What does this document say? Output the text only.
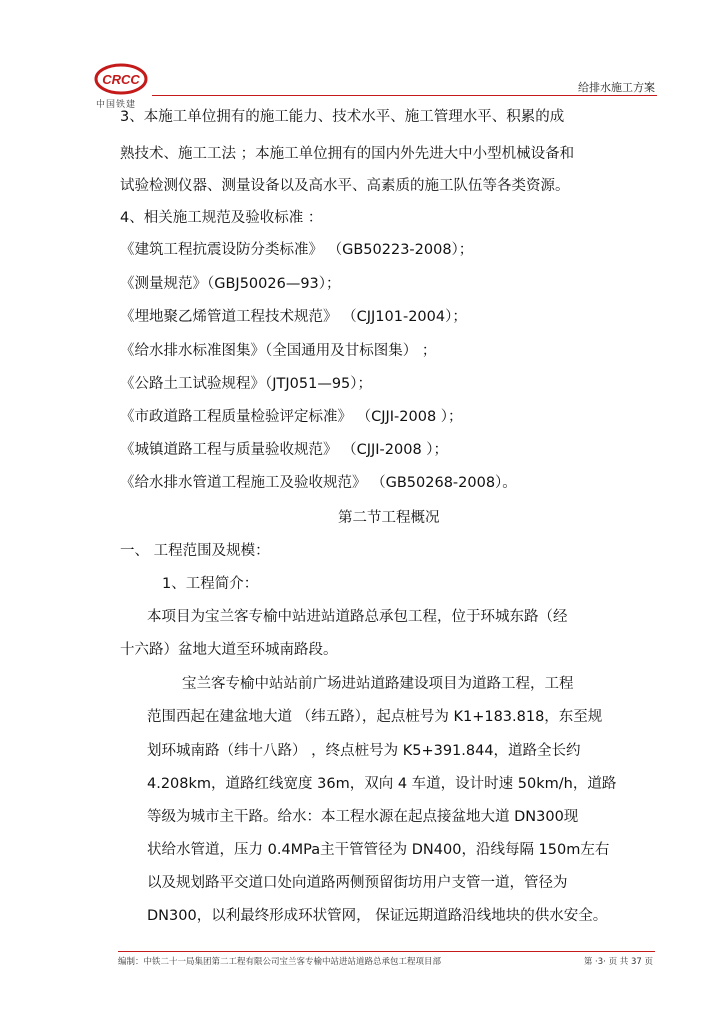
CRCC
中国铁建
给排水施工方案
3、本施工单位拥有的施工能力、技术水平、施工管理水平、积累的成
熟技术、施工工法 ；本施工单位拥有的国内外先进大中小型机械设备和
试验检测仪器、测量设备以及高水平、高素质的施工队伍等各类资源。
4、相关施工规范及验收标准 ：
《建筑工程抗震设防分类标准》 （GB50223-2008）；
《测量规范》（GBJ50026—93）；
《埋地聚乙烯管道工程技术规范》 （CJJ101-2004）；
《给水排水标准图集》（全国通用及甘标图集） ；
《公路土工试验规程》（JTJ051—95）；
《市政道路工程质量检验评定标准》 （CJJI-2008 ）；
《城镇道路工程与质量验收规范》 （CJJI-2008 ）；
《给水排水管道工程施工及验收规范》 （GB50268-2008）。
第二节工程概况
一、 工程范围及规模：
1、工程简介：
本项目为宝兰客专榆中站进站道路总承包工程，位于环城东路（经
十六路）盆地大道至环城南路段。
宝兰客专榆中站站前广场进站道路建设项目为道路工程，工程
范围西起在建盆地大道 （纬五路），起点桩号为 K1+183.818，东至规
划环城南路（纬十八路） ，终点桩号为 K5+391.844，道路全长约
4.208km，道路红线宽度 36m，双向 4 车道，设计时速 50km/h，道路
等级为城市主干路。给水：本工程水源在起点接盆地大道 DN300现
状给水管道，压力 0.4MPa主干管管径为 DN400，沿线每隔 150m左右
以及规划路平交道口处向道路两侧预留街坊用户支管一道，管径为
DN300，以利最终形成环状管网， 保证远期道路沿线地块的供水安全。
编制：中铁二十一局集团第二工程有限公司宝兰客专榆中站进站道路总承包工程项目部	第 ·3· 页 共 37 页
